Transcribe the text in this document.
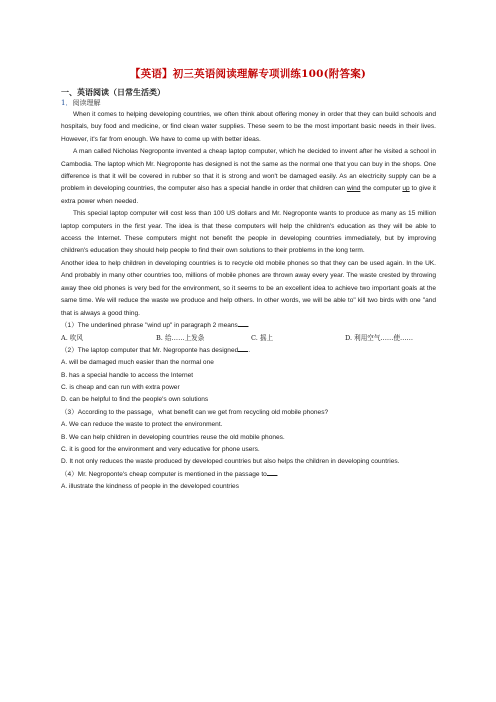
【英语】初三英语阅读理解专项训练100(附答案)
一、英语阅读（日常生活类）
1．阅读理解

When it comes to helping developing countries, we often think about offering money in order that they can build schools and hospitals, buy food and medicine, or find clean water supplies. These seem to be the most important basic needs in their lives. However, it's far from enough. We have to come up with better ideas.

A man called Nicholas Negroponte invented a cheap laptop computer, which he decided to invent after he visited a school in Cambodia. The laptop which Mr. Negroponte has designed is not the same as the normal one that you can buy in the shops. One difference is that it will be covered in rubber so that it is strong and won't be damaged easily. As an electricity supply can be a problem in developing countries, the computer also has a special handle in order that children can wind the computer up to give it extra power when needed.

This special laptop computer will cost less than 100 US dollars and Mr. Negroponte wants to produce as many as 15 million laptop computers in the first year. The idea is that these computers will help the children's education as they will be able to access the Internet. These computers might not benefit the people in developing countries immediately, but by improving children's education they should help people to find their own solutions to their problems in the long term.

Another idea to help children in developing countries is to recycle old mobile phones so that they can be used again. In the UK. And probably in many other countries too, millions of mobile phones are thrown away every year. The waste crested by throwing away thee old phones is very bed for the environment, so it seems to be an excellent idea to achieve two important goals at the same time. We will reduce the waste we produce and help others. In other words, we will be able to" kill two birds with one "and that is always a good thing.

（1）The underlined phrase "wind up" in paragraph 2 means .
A. 吹风	B. 给……上发条	C. 摇上	D. 利用空气……使……
（2）The laptop computer that Mr. Negroponte has designed .
A. will be damaged much easier than the normal one
B. has a special handle to access the Internet
C. is cheap and can run with extra power
D. can be helpful to find the people's own solutions
（3）According to the passage，what benefit can we get from recycling old mobile phones?
A. We can reduce the waste to protect the environment.
B. We can help children in developing countries reuse the old mobile phones.
C. it is good for the environment and very educative for phone users.

D. It not only reduces the waste produced by developed countries but also helps the children in developing countries.

（4）Mr. Negroponte's cheap computer is mentioned in the passage to .
A. illustrate the kindness of people in the developed countries
